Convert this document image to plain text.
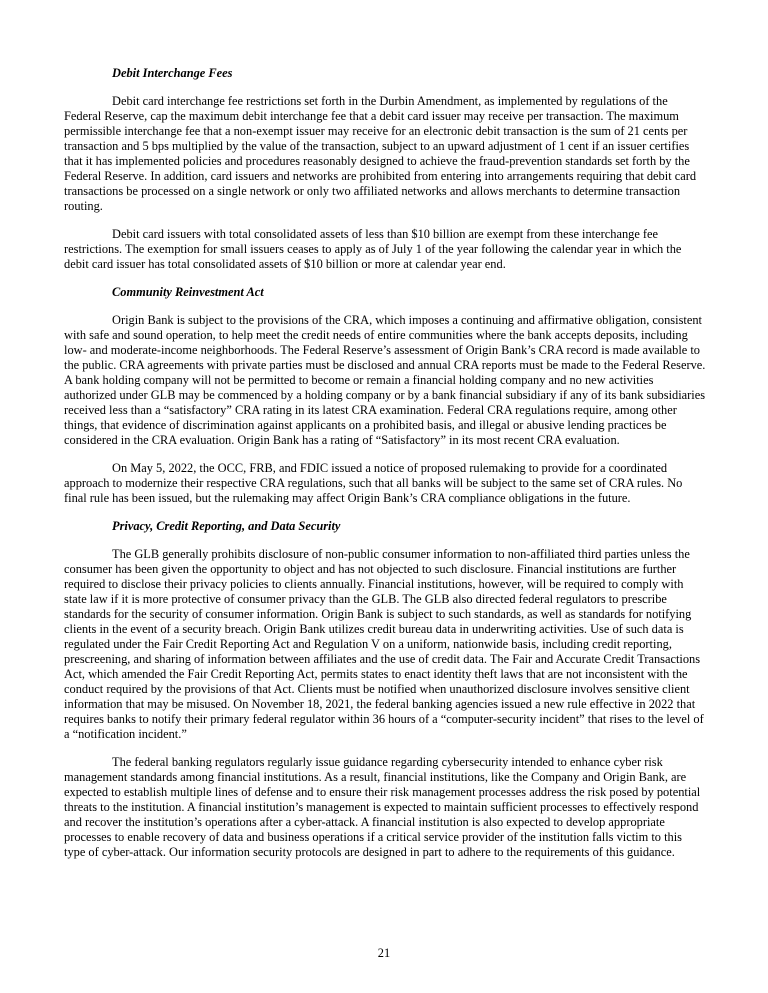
Debit Interchange Fees

Debit card interchange fee restrictions set forth in the Durbin Amendment, as implemented by regulations of the Federal Reserve, cap the maximum debit interchange fee that a debit card issuer may receive per transaction. The maximum permissible interchange fee that a non-exempt issuer may receive for an electronic debit transaction is the sum of 21 cents per transaction and 5 bps multiplied by the value of the transaction, subject to an upward adjustment of 1 cent if an issuer certifies that it has implemented policies and procedures reasonably designed to achieve the fraud-prevention standards set forth by the Federal Reserve. In addition, card issuers and networks are prohibited from entering into arrangements requiring that debit card transactions be processed on a single network or only two affiliated networks and allows merchants to determine transaction routing.

Debit card issuers with total consolidated assets of less than $10 billion are exempt from these interchange fee restrictions. The exemption for small issuers ceases to apply as of July 1 of the year following the calendar year in which the debit card issuer has total consolidated assets of $10 billion or more at calendar year end.

Community Reinvestment Act

Origin Bank is subject to the provisions of the CRA, which imposes a continuing and affirmative obligation, consistent with safe and sound operation, to help meet the credit needs of entire communities where the bank accepts deposits, including low- and moderate-income neighborhoods. The Federal Reserve’s assessment of Origin Bank’s CRA record is made available to the public. CRA agreements with private parties must be disclosed and annual CRA reports must be made to the Federal Reserve. A bank holding company will not be permitted to become or remain a financial holding company and no new activities authorized under GLB may be commenced by a holding company or by a bank financial subsidiary if any of its bank subsidiaries received less than a “satisfactory” CRA rating in its latest CRA examination. Federal CRA regulations require, among other things, that evidence of discrimination against applicants on a prohibited basis, and illegal or abusive lending practices be considered in the CRA evaluation. Origin Bank has a rating of “Satisfactory” in its most recent CRA evaluation.

On May 5, 2022, the OCC, FRB, and FDIC issued a notice of proposed rulemaking to provide for a coordinated approach to modernize their respective CRA regulations, such that all banks will be subject to the same set of CRA rules. No final rule has been issued, but the rulemaking may affect Origin Bank’s CRA compliance obligations in the future.

Privacy, Credit Reporting, and Data Security

The GLB generally prohibits disclosure of non-public consumer information to non-affiliated third parties unless the consumer has been given the opportunity to object and has not objected to such disclosure. Financial institutions are further required to disclose their privacy policies to clients annually. Financial institutions, however, will be required to comply with state law if it is more protective of consumer privacy than the GLB. The GLB also directed federal regulators to prescribe standards for the security of consumer information. Origin Bank is subject to such standards, as well as standards for notifying clients in the event of a security breach. Origin Bank utilizes credit bureau data in underwriting activities. Use of such data is regulated under the Fair Credit Reporting Act and Regulation V on a uniform, nationwide basis, including credit reporting, prescreening, and sharing of information between affiliates and the use of credit data. The Fair and Accurate Credit Transactions Act, which amended the Fair Credit Reporting Act, permits states to enact identity theft laws that are not inconsistent with the conduct required by the provisions of that Act. Clients must be notified when unauthorized disclosure involves sensitive client information that may be misused. On November 18, 2021, the federal banking agencies issued a new rule effective in 2022 that requires banks to notify their primary federal regulator within 36 hours of a “computer-security incident” that rises to the level of a “notification incident.”

The federal banking regulators regularly issue guidance regarding cybersecurity intended to enhance cyber risk management standards among financial institutions. As a result, financial institutions, like the Company and Origin Bank, are expected to establish multiple lines of defense and to ensure their risk management processes address the risk posed by potential threats to the institution. A financial institution’s management is expected to maintain sufficient processes to effectively respond and recover the institution’s operations after a cyber-attack. A financial institution is also expected to develop appropriate processes to enable recovery of data and business operations if a critical service provider of the institution falls victim to this type of cyber-attack. Our information security protocols are designed in part to adhere to the requirements of this guidance.

21
